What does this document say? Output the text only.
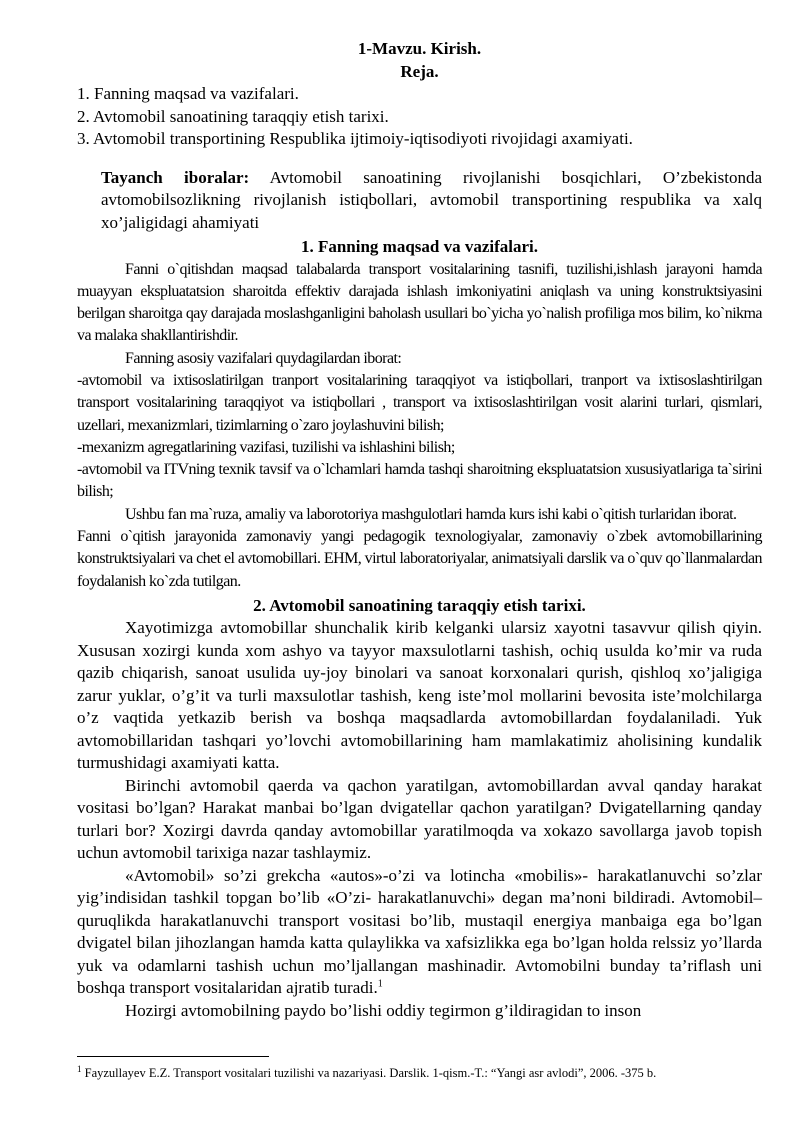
1-Mavzu. Kirish.
Reja.
1. Fanning maqsad va vazifalari.
2. Avtomobil sanoatining taraqqiy etish tarixi.
3. Avtomobil transportining Respublika ijtimoiy-iqtisodiyoti rivojidagi axamiyati.
Tayanch iboralar: Avtomobil sanoatining rivojlanishi bosqichlari, O’zbekistonda avtomobilsozlikning rivojlanish istiqbollari, avtomobil transportining respublika va xalq xo’jaligidagi ahamiyati
1. Fanning maqsad va vazifalari.

Fanni o`qitishdan maqsad talabalarda transport vositalarining tasnifi, tuzilishi,ishlash jarayoni hamda muayyan ekspluatatsion sharoitda effektiv darajada ishlash imkoniyatini aniqlash va uning konstruktsiyasini berilgan sharoitga qay darajada moslashganligini baholash usullari bo`yicha yo`nalish profiliga mos bilim, ko`nikma va malaka shakllantirishdir.

Fanning asosiy vazifalari quydagilardan iborat:

-avtomobil va ixtisoslatirilgan tranport vositalarining taraqqiyot va istiqbollari, tranport va ixtisoslashtirilgan transport vositalarining taraqqiyot va istiqbollari , transport va ixtisoslashtirilgan vosit alarini turlari, qismlari, uzellari, mexanizmlari, tizimlarning o`zaro joylashuvini bilish;

-mexanizm agregatlarining vazifasi, tuzilishi va ishlashini bilish;

-avtomobil va ITVning texnik tavsif va o`lchamlari hamda tashqi sharoitning ekspluatatsion xususiyatlariga ta`sirini bilish;

Ushbu fan ma`ruza, amaliy va laborotoriya mashgulotlari hamda kurs ishi kabi o`qitish turlaridan iborat.

Fanni o`qitish jarayonida zamonaviy yangi pedagogik texnologiyalar, zamonaviy o`zbek avtomobillarining konstruktsiyalari va chet el avtomobillari. EHM, virtul laboratoriyalar, animatsiyali darslik va o`quv qo`llanmalardan foydalanish ko`zda tutilgan.

2. Avtomobil sanoatining taraqqiy etish tarixi.

Xayotimizga avtomobillar shunchalik kirib kelganki ularsiz xayotni tasavvur qilish qiyin. Xususan xozirgi kunda xom ashyo va tayyor maxsulotlarni tashish, ochiq usulda ko’mir va ruda qazib chiqarish, sanoat usulida uy-joy binolari va sanoat korxonalari qurish, qishloq xo’jaligiga zarur yuklar, o’g’it va turli maxsulotlar tashish, keng iste’mol mollarini bevosita iste’molchilarga o’z vaqtida yetkazib berish va boshqa maqsadlarda avtomobillardan foydalaniladi. Yuk avtomobillaridan tashqari yo’lovchi avtomobillarining ham mamlakatimiz aholisining kundalik turmushidagi axamiyati katta.

Birinchi avtomobil qaerda va qachon yaratilgan, avtomobillardan avval qanday harakat vositasi bo’lgan? Harakat manbai bo’lgan dvigatellar qachon yaratilgan? Dvigatellarning qanday turlari bor? Xozirgi davrda qanday avtomobillar yaratilmoqda va xokazo savollarga javob topish uchun avtomobil tarixiga nazar tashlaymiz.

«Avtomobil» so’zi grekcha «autos»-o’zi va lotincha «mobilis»- harakatlanuvchi so’zlar yig’indisidan tashkil topgan bo’lib «O’zi- harakatlanuvchi» degan ma’noni bildiradi. Avtomobil–quruqlikda harakatlanuvchi transport vositasi bo’lib, mustaqil energiya manbaiga ega bo’lgan dvigatel bilan jihozlangan hamda katta qulaylikka va xafsizlikka ega bo’lgan holda relssiz yo’llarda yuk va odamlarni tashish uchun mo’ljallangan mashinadir. Avtomobilni bunday ta’riflash uni boshqa transport vositalaridan ajratib turadi.$^1$

Hozirgi avtomobilning paydo bo’lishi oddiy tegirmon g’ildiragidan to inson

$^1$ Fayzullayev E.Z. Transport vositalari tuzilishi va nazariyasi. Darslik. 1-qism.-T.: “Yangi asr avlodi”, 2006. -375 b.
